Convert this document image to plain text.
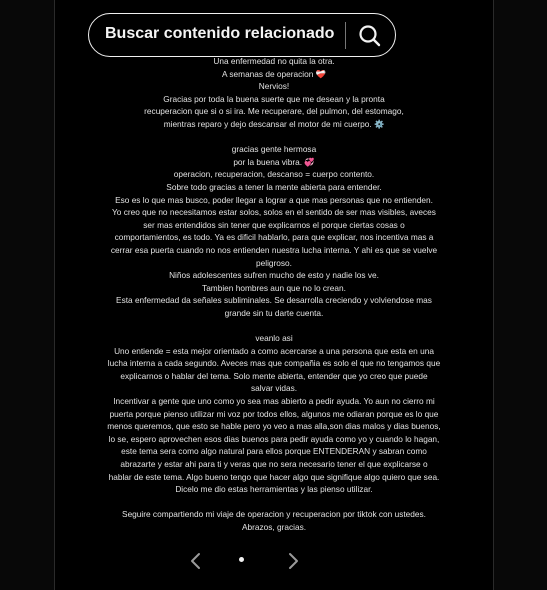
Buscar contenido relacionado

Una enfermedad no quita la otra.

A semanas de operacion ❤️‍🩹

Nervios!

Gracias por toda la buena suerte que me desean y la pronta

recuperacion que si o si ira. Me recuperare, del pulmon, del estomago,

mientras reparo y dejo descansar el motor de mi cuerpo. ⚙️

gracias gente hermosa

por la buena vibra. 💞

operacion, recuperacion, descanso = cuerpo contento.

Sobre todo gracias a tener la mente abierta para entender.

Eso es lo que mas busco, poder llegar a lograr a que mas personas que no entienden.

Yo creo que no necesitamos estar solos, solos en el sentido de ser mas visibles, aveces

ser mas entendidos sin tener que explicarnos el porque ciertas cosas o

comportamientos, es todo. Ya es dificil hablarlo, para que explicar, nos incentiva mas a

cerrar esa puerta cuando no nos entienden nuestra lucha interna. Y ahi es que se vuelve

peligroso.

Niños adolescentes sufren mucho de esto y nadie los ve.

Tambien hombres aun que no lo crean.

Esta enfermedad da señales subliminales. Se desarrolla creciendo y volviendose mas

grande sin tu darte cuenta.

veanlo asi

Uno entiende = esta mejor orientado a como acercarse a una persona que esta en una

lucha interna a cada segundo. Aveces mas que compañia es solo el que no tengamos que

explicarnos o hablar del tema. Solo mente abierta, entender que yo creo que puede

salvar vidas.

Incentivar a gente que uno como yo sea mas abierto a pedir ayuda. Yo aun no cierro mi

puerta porque pienso utilizar mi voz por todos ellos, algunos me odiaran porque es lo que

menos queremos, que esto se hable pero yo veo a mas alla,son dias malos y dias buenos,

lo se, espero aprovechen esos dias buenos para pedir ayuda como yo y cuando lo hagan,

este tema sera como algo natural para ellos porque ENTENDERAN y sabran como

abrazarte y estar ahi para ti y veras que no sera necesario tener el que explicarse o

hablar de este tema. Algo bueno tengo que hacer algo que signifique algo quiero que sea.

Dicelo me dio estas herramientas y las pienso utilizar.

Seguire compartiendo mi viaje de operacion y recuperacion por tiktok con ustedes.

Abrazos, gracias.
